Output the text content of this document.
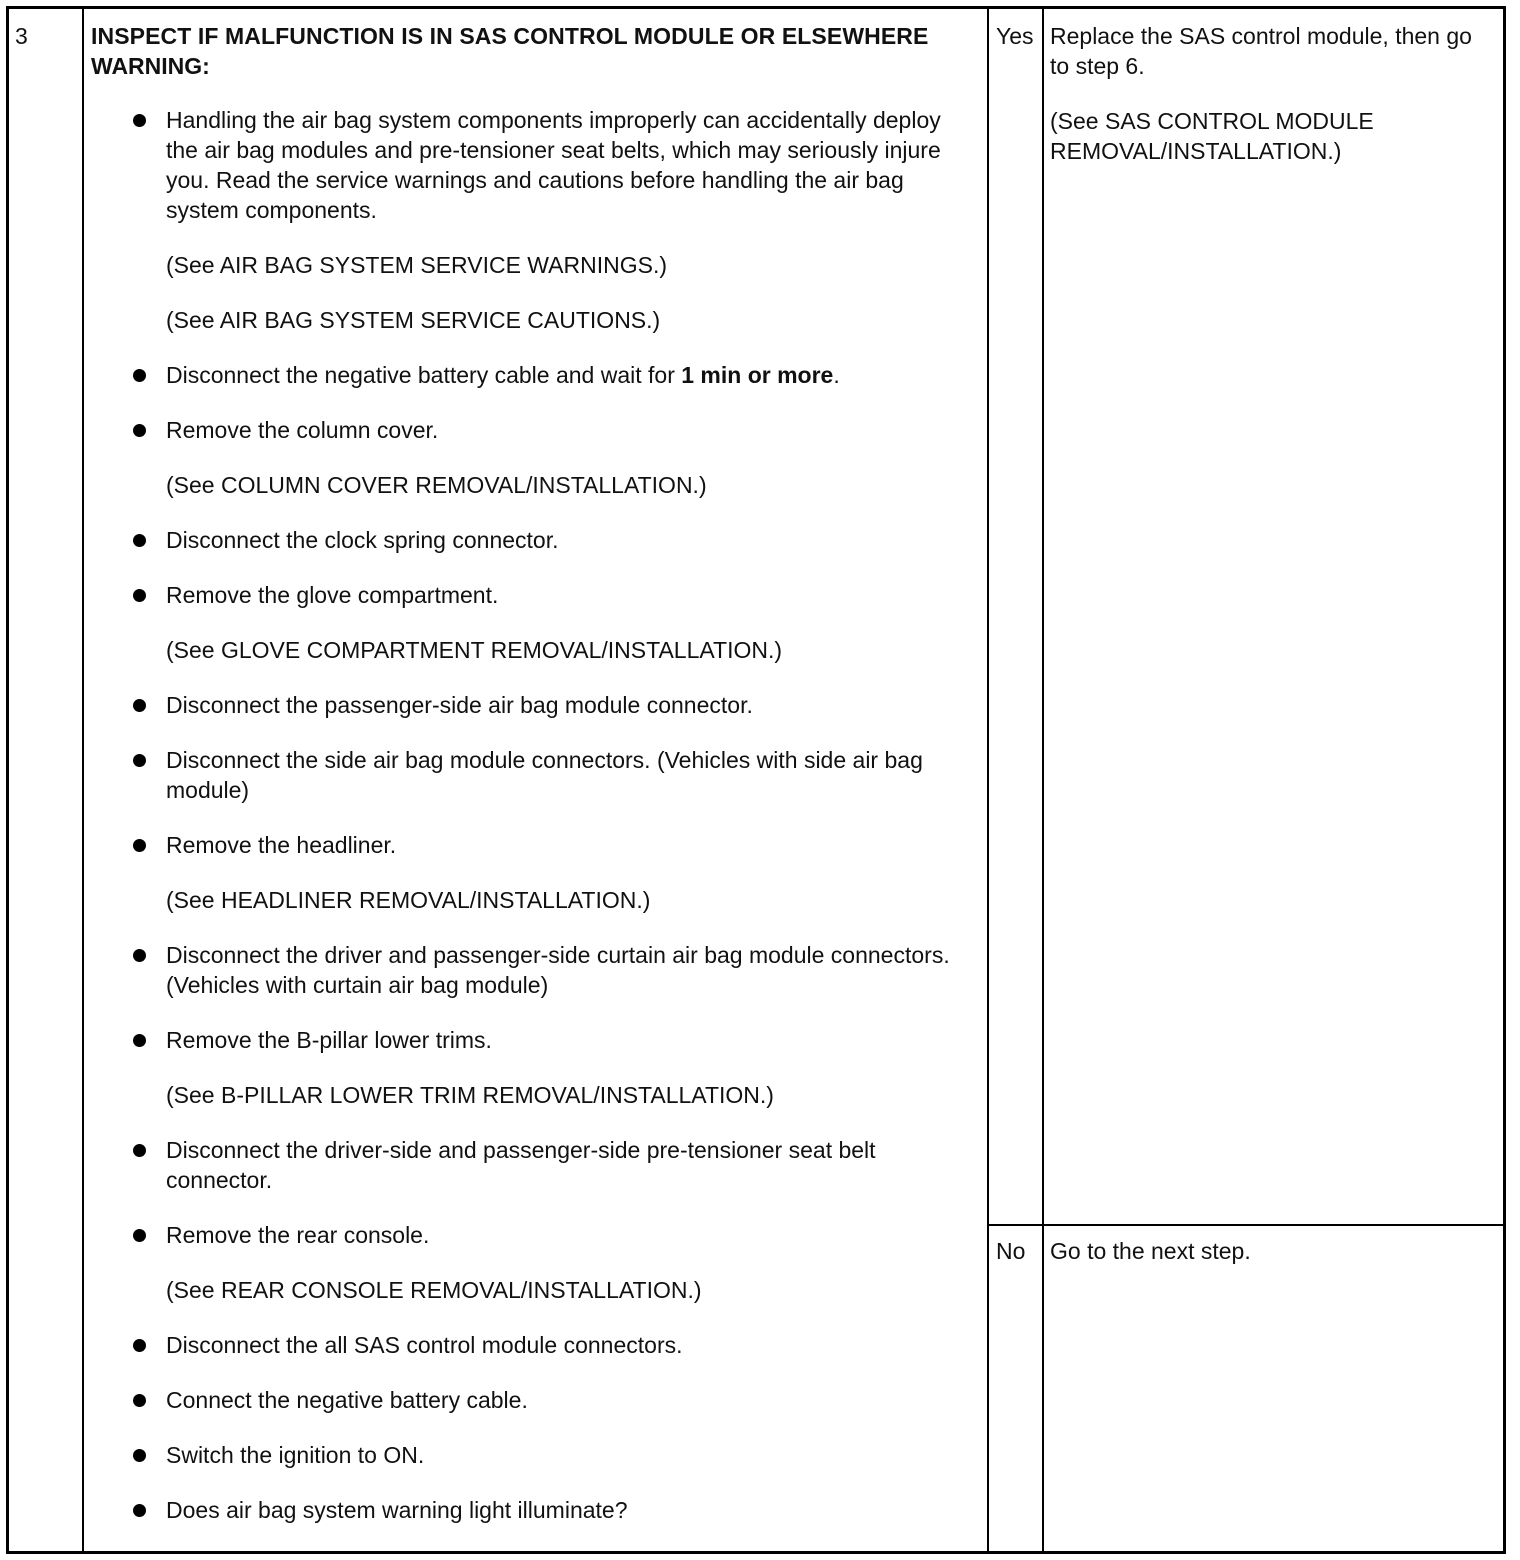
3	INSPECT IF MALFUNCTION IS IN SAS CONTROL MODULE OR ELSEWHERE
WARNING:
Handling the air bag system components improperly can accidentally deploy the air bag modules and pre-tensioner seat belts, which may seriously injure you. Read the service warnings and cautions before handling the air bag system components.
(See AIR BAG SYSTEM SERVICE WARNINGS.)
(See AIR BAG SYSTEM SERVICE CAUTIONS.)
Disconnect the negative battery cable and wait for 1 min or more.
Remove the column cover.
(See COLUMN COVER REMOVAL/INSTALLATION.)
Disconnect the clock spring connector.
Remove the glove compartment.
(See GLOVE COMPARTMENT REMOVAL/INSTALLATION.)
Disconnect the passenger-side air bag module connector.
Disconnect the side air bag module connectors. (Vehicles with side air bag module)
Remove the headliner.
(See HEADLINER REMOVAL/INSTALLATION.)
Disconnect the driver and passenger-side curtain air bag module connectors. (Vehicles with curtain air bag module)
Remove the B-pillar lower trims.
(See B-PILLAR LOWER TRIM REMOVAL/INSTALLATION.)
Disconnect the driver-side and passenger-side pre-tensioner seat belt connector.
Remove the rear console.
(See REAR CONSOLE REMOVAL/INSTALLATION.)
Disconnect the all SAS control module connectors.
Connect the negative battery cable.
Switch the ignition to ON.
Does air bag system warning light illuminate?
Yes Replace the SAS control module, then go to step 6.
(See SAS CONTROL MODULE REMOVAL/INSTALLATION.)
No	Go to the next step.
